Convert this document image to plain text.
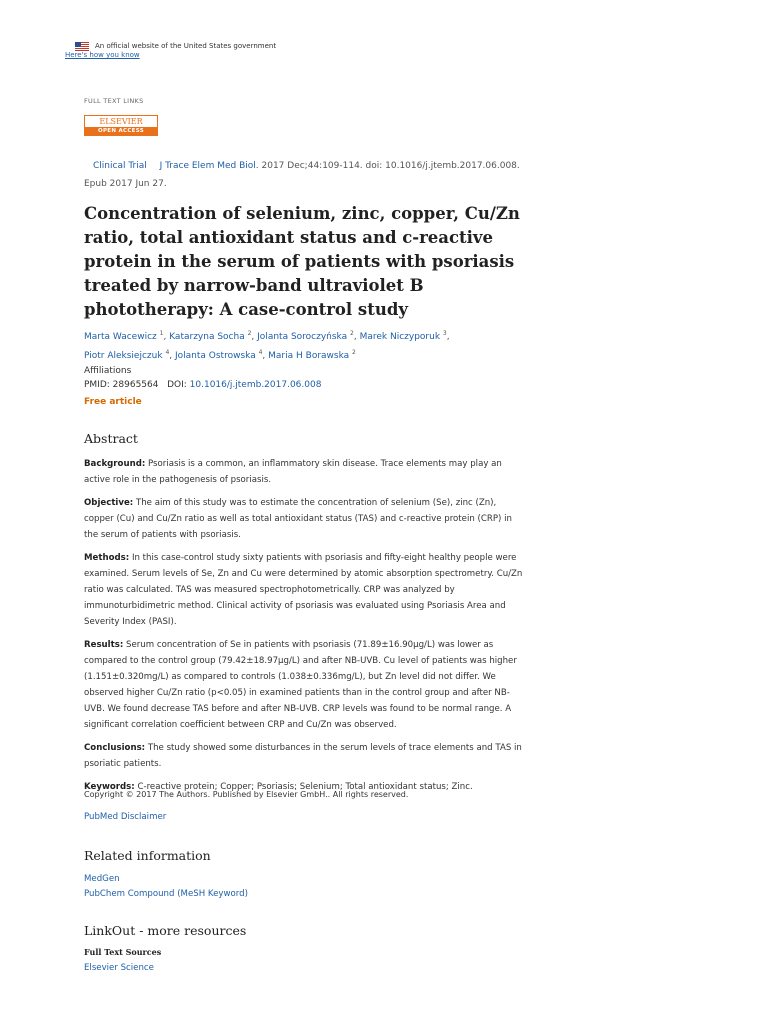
An official website of the United States government
Here's how you know
FULL TEXT LINKS
ELSEVIER
OPEN ACCESS
Clinical Trial J Trace Elem Med Biol. 2017 Dec;44:109-114. doi: 10.1016/j.jtemb.2017.06.008.
Epub 2017 Jun 27.
Concentration of selenium, zinc, copper, Cu/Zn ratio, total antioxidant status and c-reactive protein in the serum of patients with psoriasis treated by narrow-band ultraviolet B phototherapy: A case-control study
Marta Wacewicz $^1$, Katarzyna Socha $^2$, Jolanta Soroczyńska $^2$, Marek Niczyporuk $^3$,
Piotr Aleksiejczuk $^4$, Jolanta Ostrowska $^4$, Maria H Borawska $^2$
Affiliations
PMID: 28965564 DOI: 10.1016/j.jtemb.2017.06.008
Free article
Abstract

Background: Psoriasis is a common, an inflammatory skin disease. Trace elements may play an active role in the pathogenesis of psoriasis.

Objective: The aim of this study was to estimate the concentration of selenium (Se), zinc (Zn), copper (Cu) and Cu/Zn ratio as well as total antioxidant status (TAS) and c-reactive protein (CRP) in the serum of patients with psoriasis.

Methods: In this case-control study sixty patients with psoriasis and fifty-eight healthy people were examined. Serum levels of Se, Zn and Cu were determined by atomic absorption spectrometry. Cu/Zn ratio was calculated. TAS was measured spectrophotometrically. CRP was analyzed by immunoturbidimetric method. Clinical activity of psoriasis was evaluated using Psoriasis Area and Severity Index (PASI).

Results: Serum concentration of Se in patients with psoriasis (71.89±16.90μg/L) was lower as compared to the control group (79.42±18.97μg/L) and after NB-UVB. Cu level of patients was higher (1.151±0.320mg/L) as compared to controls (1.038±0.336mg/L), but Zn level did not differ. We observed higher Cu/Zn ratio (p<0.05) in examined patients than in the control group and after NB-UVB. We found decrease TAS before and after NB-UVB. CRP levels was found to be normal range. A significant correlation coefficient between CRP and Cu/Zn was observed.

Conclusions: The study showed some disturbances in the serum levels of trace elements and TAS in psoriatic patients.

Keywords: C-reactive protein; Copper; Psoriasis; Selenium; Total antioxidant status; Zinc.

Copyright © 2017 The Authors. Published by Elsevier GmbH.. All rights reserved.
PubMed Disclaimer
Related information
MedGen
PubChem Compound (MeSH Keyword)
LinkOut - more resources
Full Text Sources
Elsevier Science
